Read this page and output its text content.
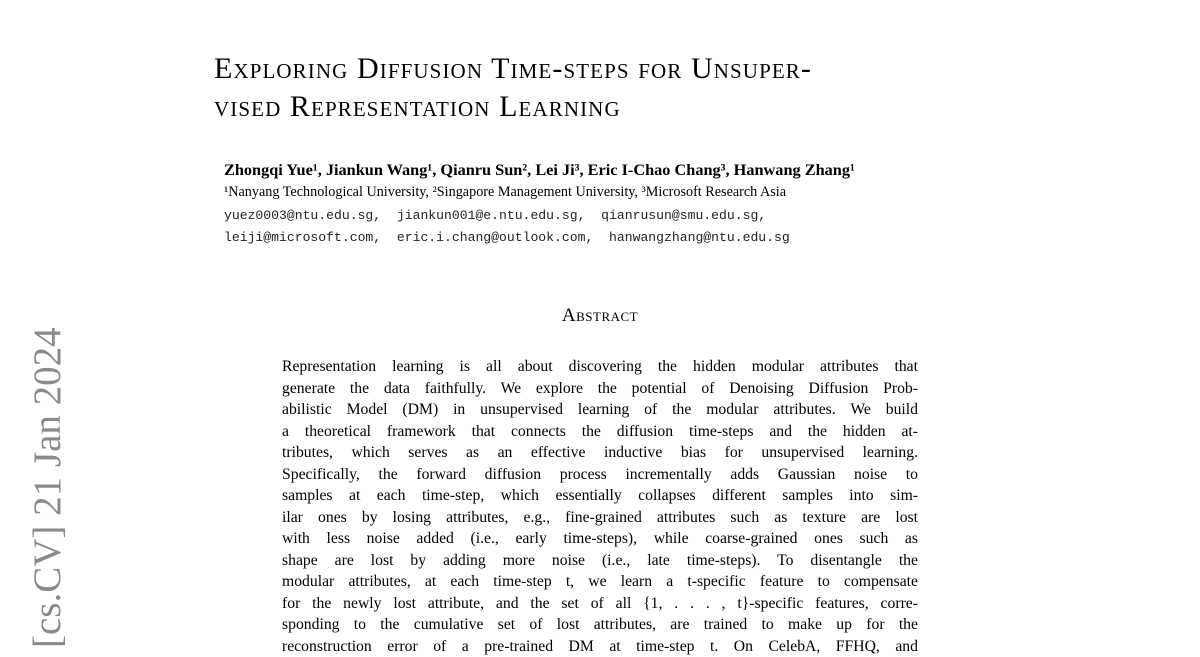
[cs.CV] 21 Jan 2024
Exploring Diffusion Time-steps for Unsuper-
vised Representation Learning
Zhongqi Yue¹, Jiankun Wang¹, Qianru Sun², Lei Ji³, Eric I-Chao Chang³, Hanwang Zhang¹
¹Nanyang Technological University, ²Singapore Management University, ³Microsoft Research Asia
yuez0003@ntu.edu.sg,  jiankun001@e.ntu.edu.sg,  qianrusun@smu.edu.sg,
leiji@microsoft.com,  eric.i.chang@outlook.com,  hanwangzhang@ntu.edu.sg
Abstract
Representation learning is all about discovering the hidden modular attributes that
generate the data faithfully. We explore the potential of Denoising Diffusion Prob-
abilistic Model (DM) in unsupervised learning of the modular attributes. We build
a theoretical framework that connects the diffusion time-steps and the hidden at-
tributes, which serves as an effective inductive bias for unsupervised learning.
Specifically, the forward diffusion process incrementally adds Gaussian noise to
samples at each time-step, which essentially collapses different samples into sim-
ilar ones by losing attributes, e.g., fine-grained attributes such as texture are lost
with less noise added (i.e., early time-steps), while coarse-grained ones such as
shape are lost by adding more noise (i.e., late time-steps). To disentangle the
modular attributes, at each time-step t, we learn a t-specific feature to compensate
for the newly lost attribute, and the set of all {1, . . . , t}-specific features, corre-
sponding to the cumulative set of lost attributes, are trained to make up for the
reconstruction error of a pre-trained DM at time-step t. On CelebA, FFHQ, and
